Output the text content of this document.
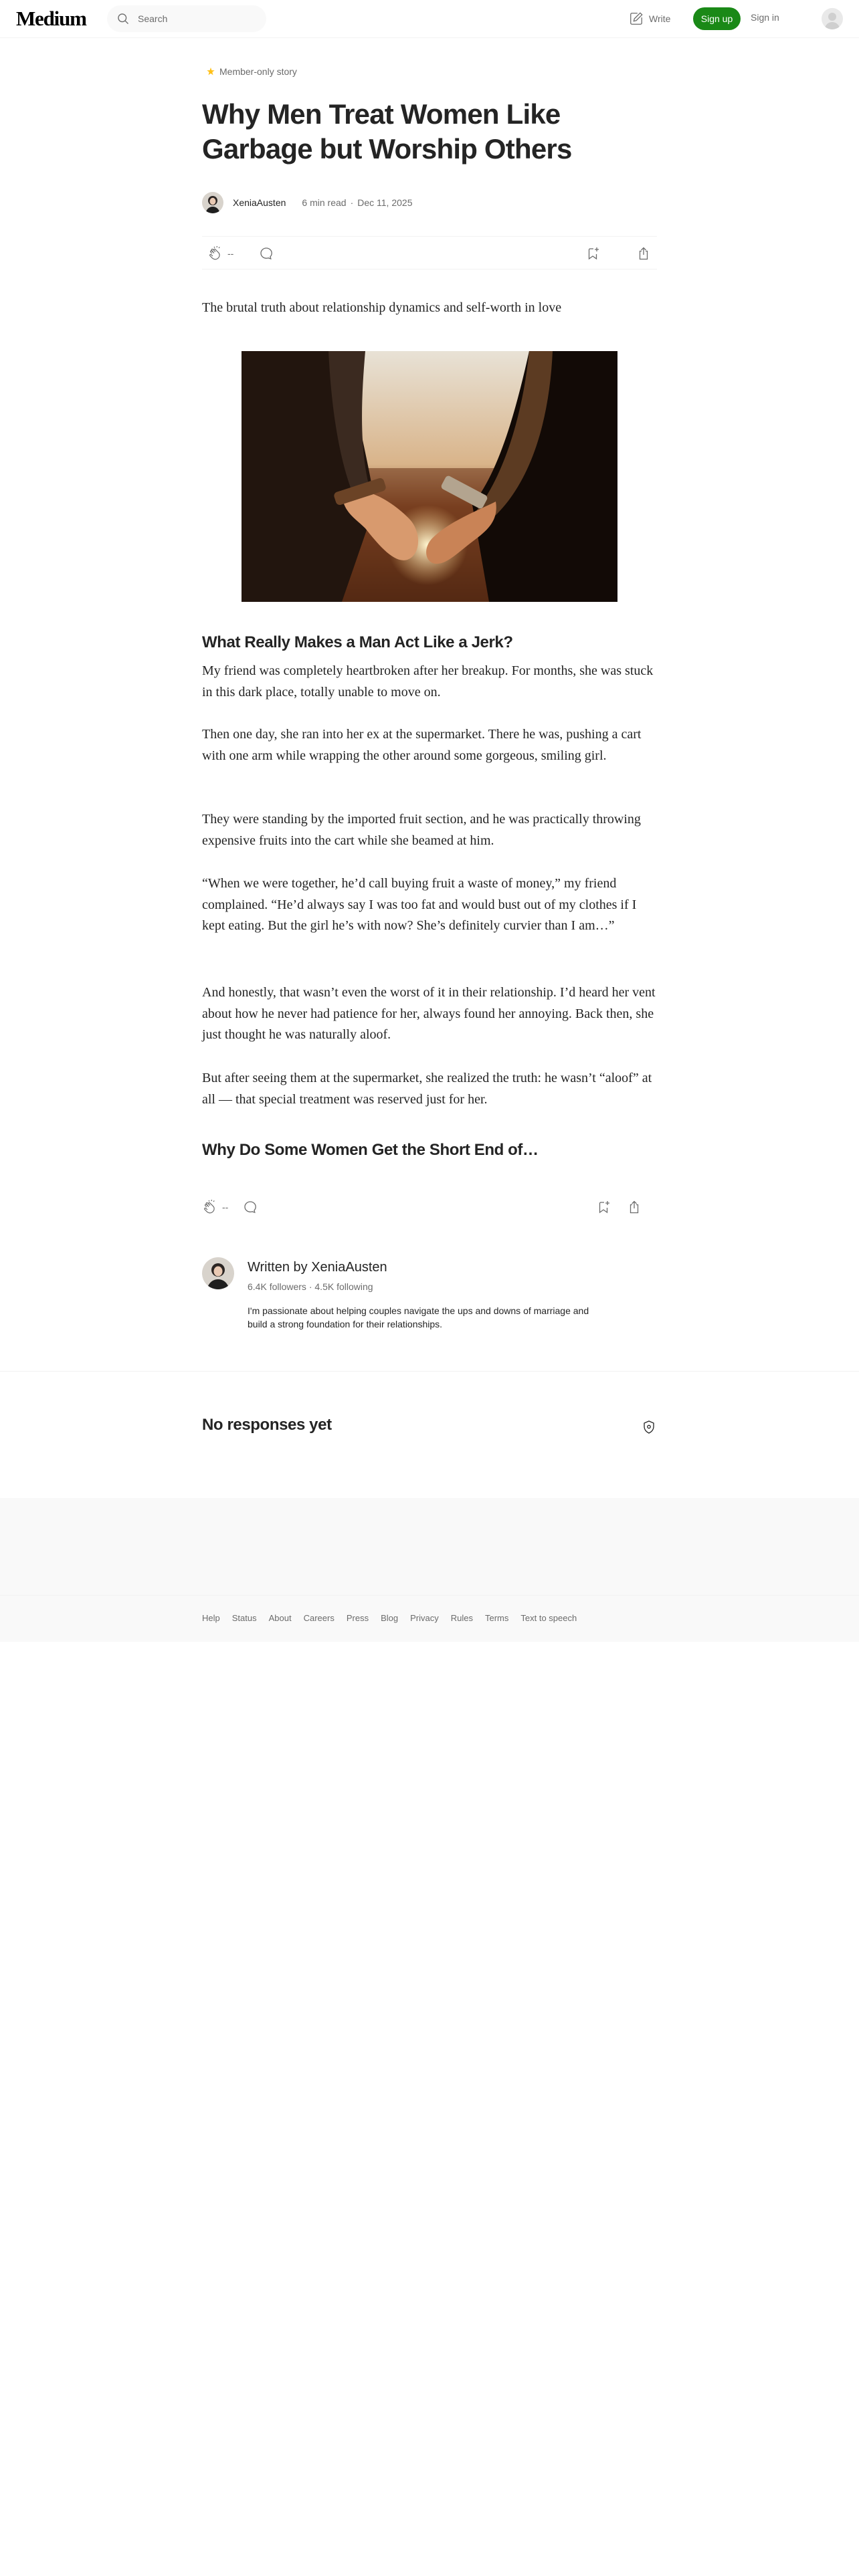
Medium
Search	Write	Sign up	Sign in
Member-only story
Why Men Treat Women Like Garbage but Worship Others
XeniaAusten 6 min read · Dec 11, 2025
--

The brutal truth about relationship dynamics and self-worth in love

What Really Makes a Man Act Like a Jerk?

My friend was completely heartbroken after her breakup. For months, she was stuck in this dark place, totally unable to move on.

Then one day, she ran into her ex at the supermarket. There he was, pushing a cart with one arm while wrapping the other around some gorgeous, smiling girl.

They were standing by the imported fruit section, and he was practically throwing expensive fruits into the cart while she beamed at him.

“When we were together, he’d call buying fruit a waste of money,” my friend complained. “He’d always say I was too fat and would bust out of my clothes if I kept eating. But the girl he’s with now? She’s definitely curvier than I am…”

And honestly, that wasn’t even the worst of it in their relationship. I’d heard her vent about how he never had patience for her, always found her annoying. Back then, she just thought he was naturally aloof.

But after seeing them at the supermarket, she realized the truth: he wasn’t “aloof” at all — that special treatment was reserved just for her.

Why Do Some Women Get the Short End of…
--
Written by XeniaAusten
6.4K followers · 4.5K following
I'm passionate about helping couples navigate the ups and downs of marriage and build a strong foundation for their relationships.
No responses yet
Help Status About Careers Press Blog Privacy Rules Terms Text to speech
